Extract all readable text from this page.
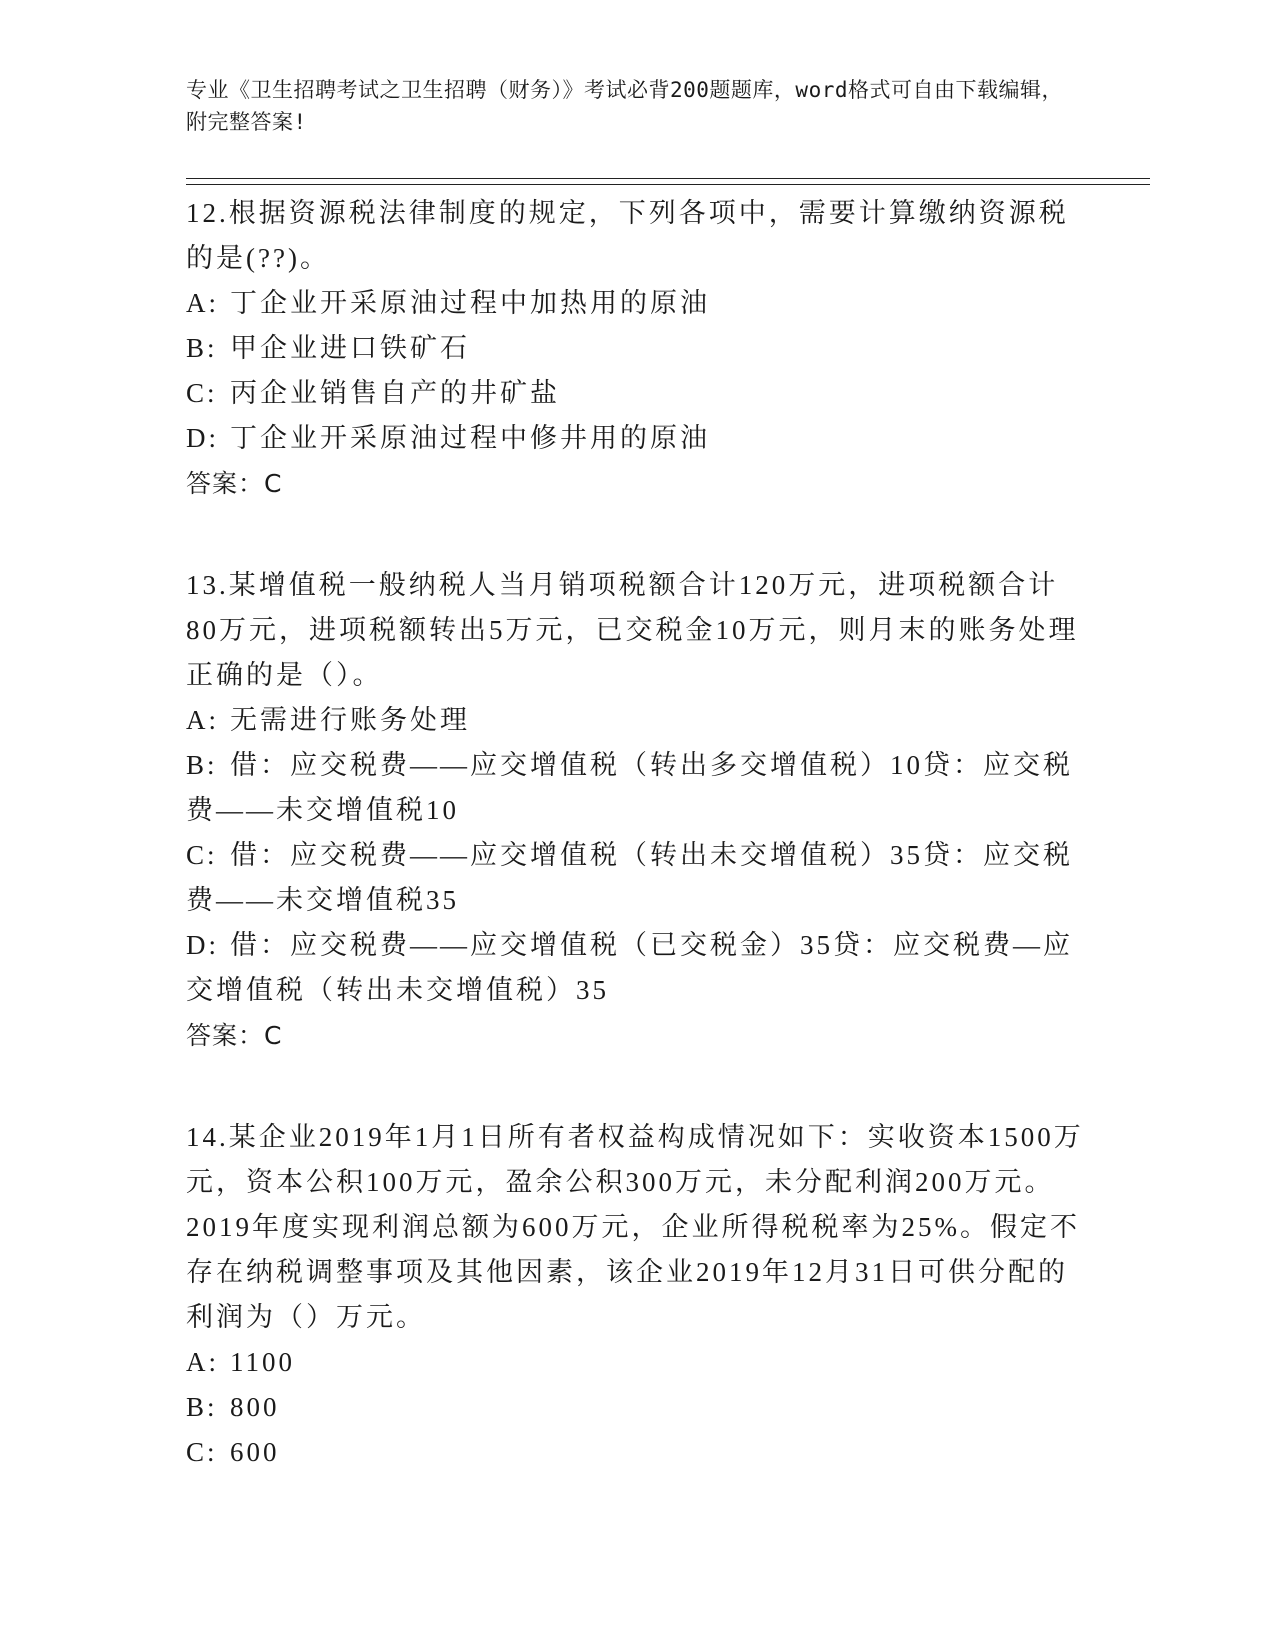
专业《卫生招聘考试之卫生招聘（财务）》考试必背200题题库，word格式可自由下载编辑，附完整答案!

12.根据资源税法律制度的规定，下列各项中，需要计算缴纳资源税的是(??)。

A: 丁企业开采原油过程中加热用的原油

B: 甲企业进口铁矿石

C: 丙企业销售自产的井矿盐

D: 丁企业开采原油过程中修井用的原油

答案：C

13.某增值税一般纳税人当月销项税额合计120万元，进项税额合计80万元，进项税额转出5万元，已交税金10万元，则月末的账务处理正确的是（）。

A: 无需进行账务处理

B: 借：应交税费——应交增值税（转出多交增值税）10贷：应交税费——未交增值税10

C: 借：应交税费——应交增值税（转出未交增值税）35贷：应交税费——未交增值税35

D: 借：应交税费——应交增值税（已交税金）35贷：应交税费—应交增值税（转出未交增值税）35

答案：C

14.某企业2019年1月1日所有者权益构成情况如下：实收资本1500万元，资本公积100万元，盈余公积300万元，未分配利润200万元。2019年度实现利润总额为600万元，企业所得税税率为25%。假定不存在纳税调整事项及其他因素，该企业2019年12月31日可供分配的利润为（）万元。

A: 1100

B: 800

C: 600
